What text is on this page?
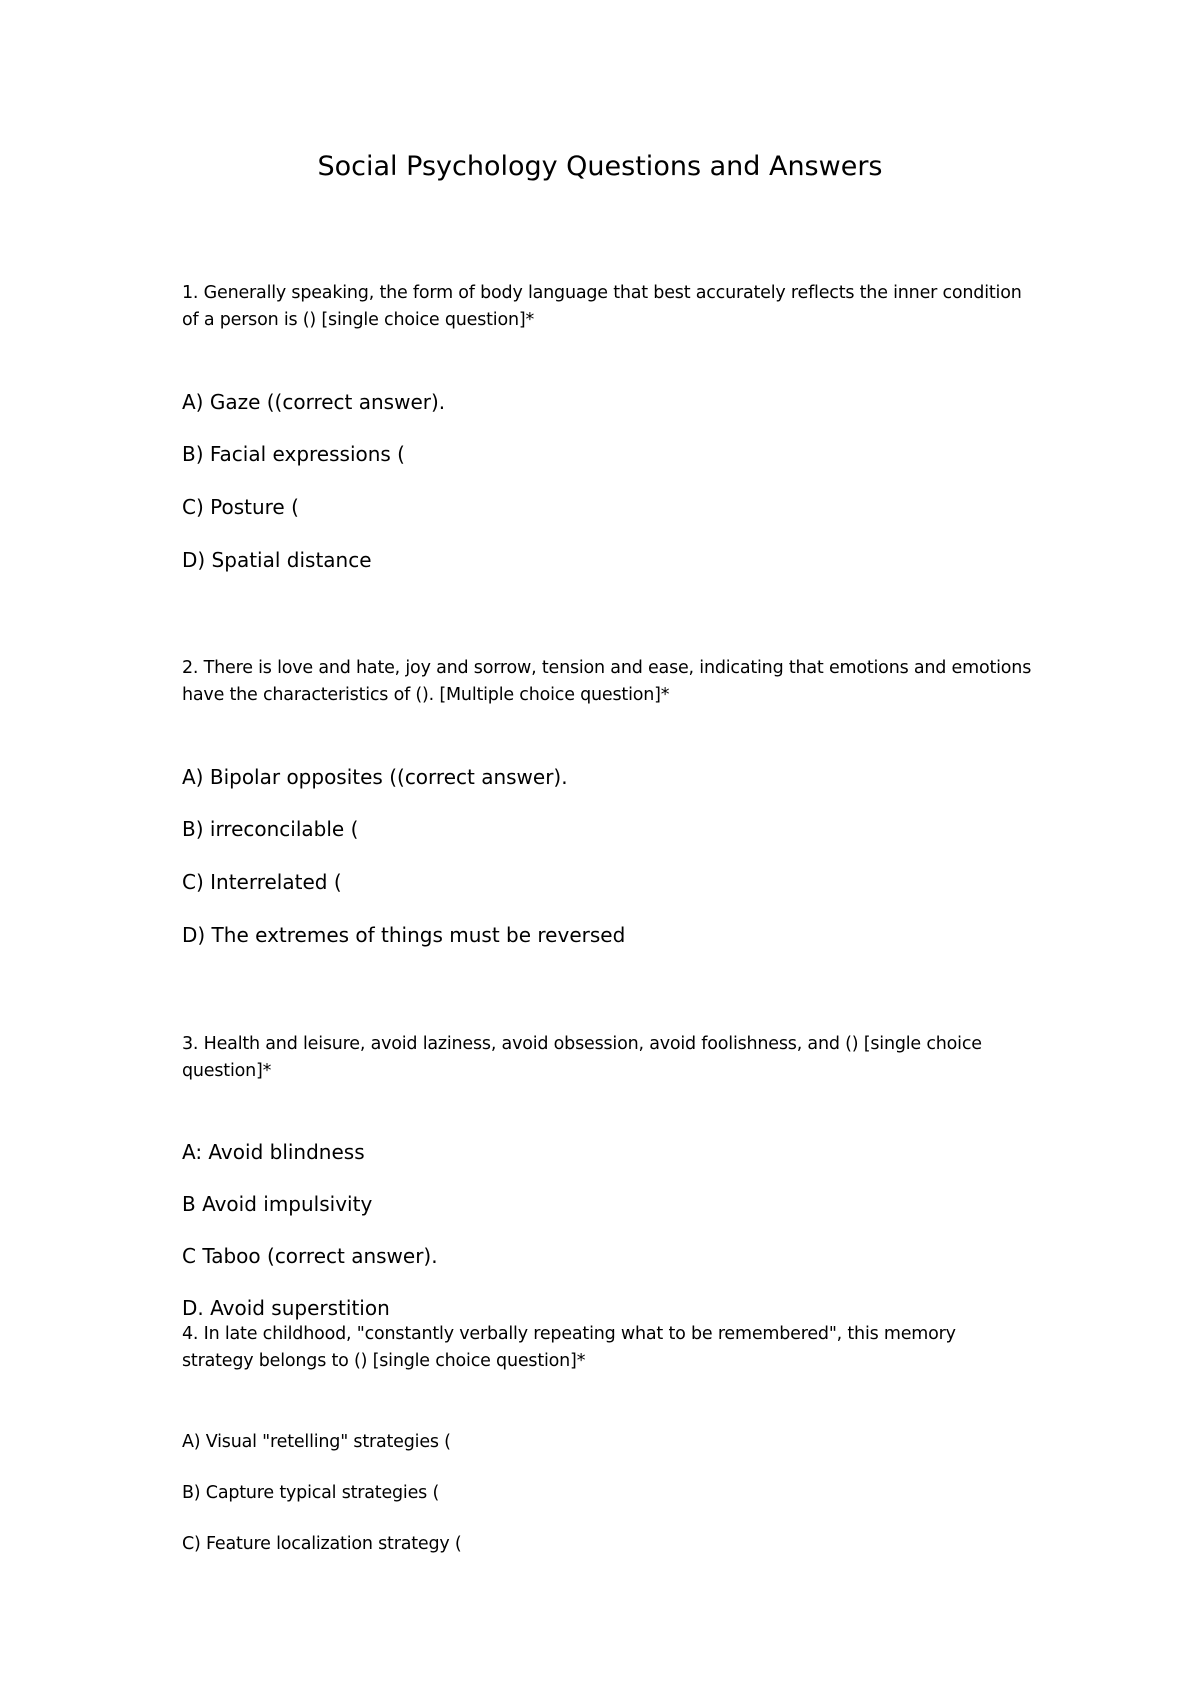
Social Psychology Questions and Answers
1. Generally speaking, the form of body language that best accurately reflects the inner condition of a person is () [single choice question]*
A) Gaze ((correct answer).
B) Facial expressions (
C) Posture (
D) Spatial distance
2. There is love and hate, joy and sorrow, tension and ease, indicating that emotions and emotions have the characteristics of (). [Multiple choice question]*
A) Bipolar opposites ((correct answer).
B) irreconcilable (
C) Interrelated (
D) The extremes of things must be reversed
3. Health and leisure, avoid laziness, avoid obsession, avoid foolishness, and () [single choice question]*
A: Avoid blindness
B Avoid impulsivity
C Taboo (correct answer).
D. Avoid superstition
4. In late childhood, "constantly verbally repeating what to be remembered", this memory strategy belongs to () [single choice question]*
A) Visual "retelling" strategies (
B) Capture typical strategies (
C) Feature localization strategy (
